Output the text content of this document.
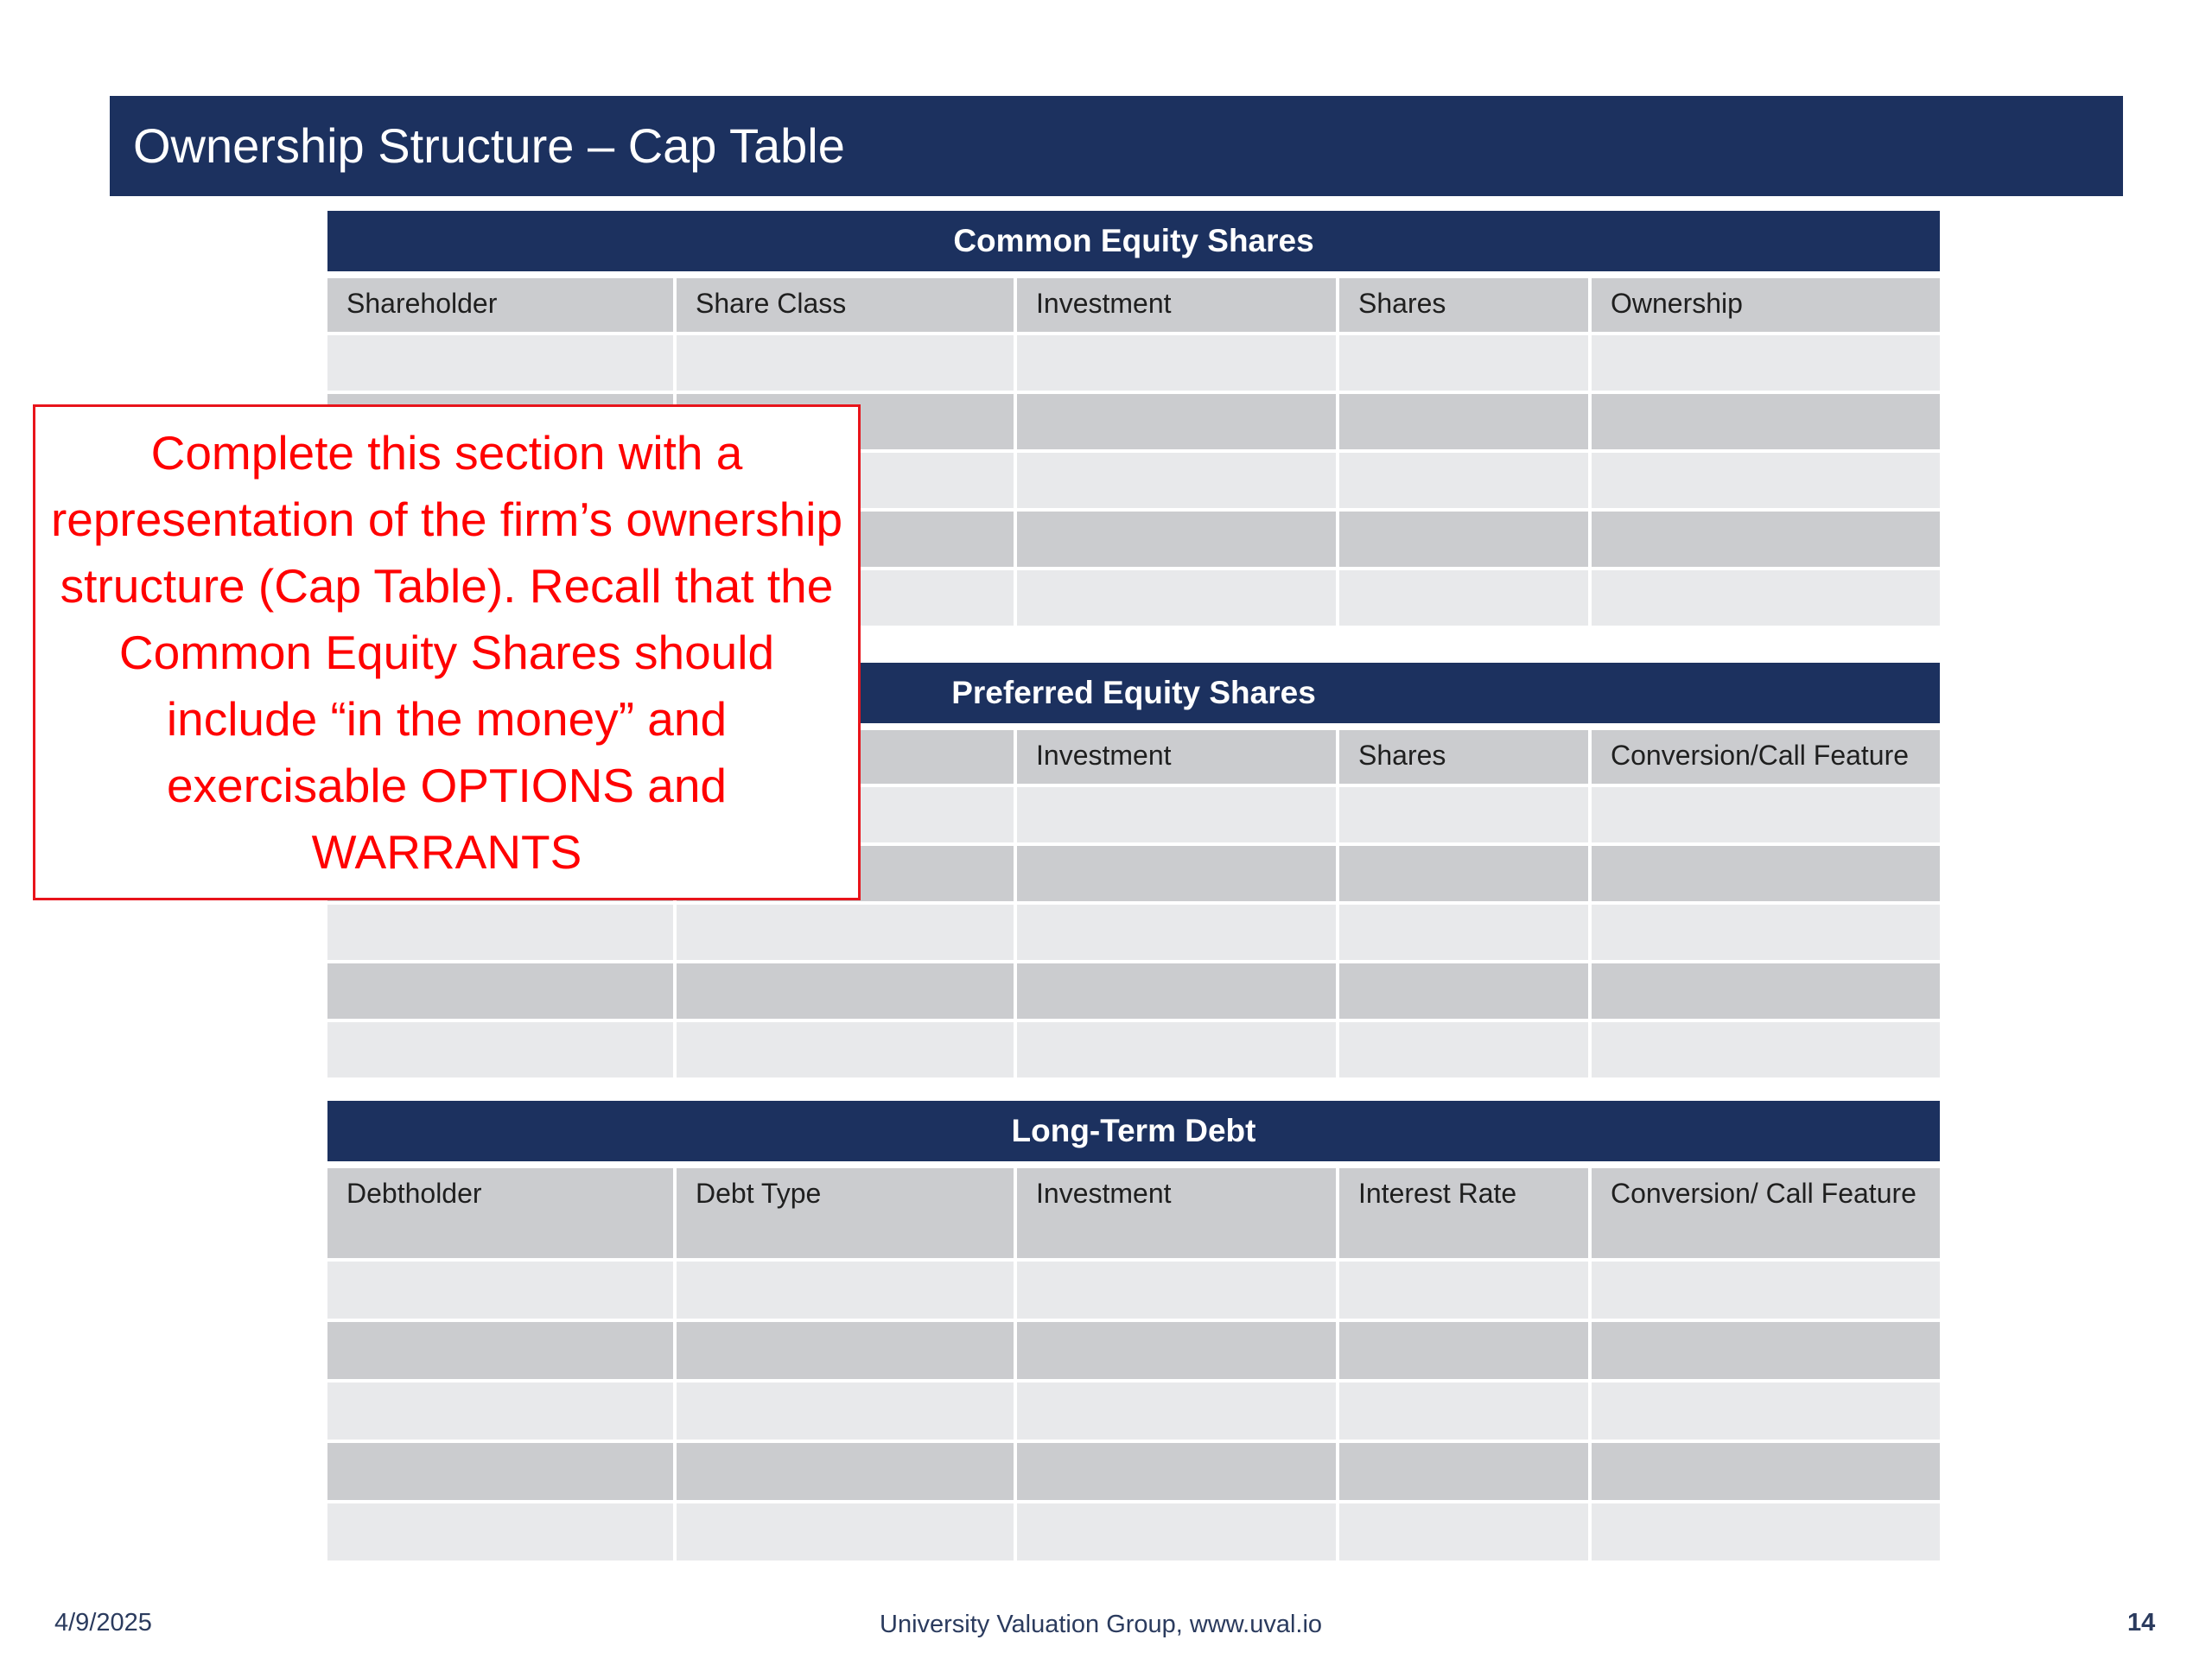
Ownership Structure – Cap Table
Common Equity Shares				
Shareholder	Share Class	Investment	Shares	Ownership

Preferred Equity Shares				
		Investment	Shares	Conversion/Call Feature

Long-Term Debt				
Debtholder	Debt Type	Investment	Interest Rate	Conversion/ Call Feature

Complete this section with a representation of the firm’s ownership structure (Cap Table). Recall that the Common Equity Shares should include “in the money” and exercisable OPTIONS and WARRANTS
4/9/2025	University Valuation Group, www.uval.io	14
